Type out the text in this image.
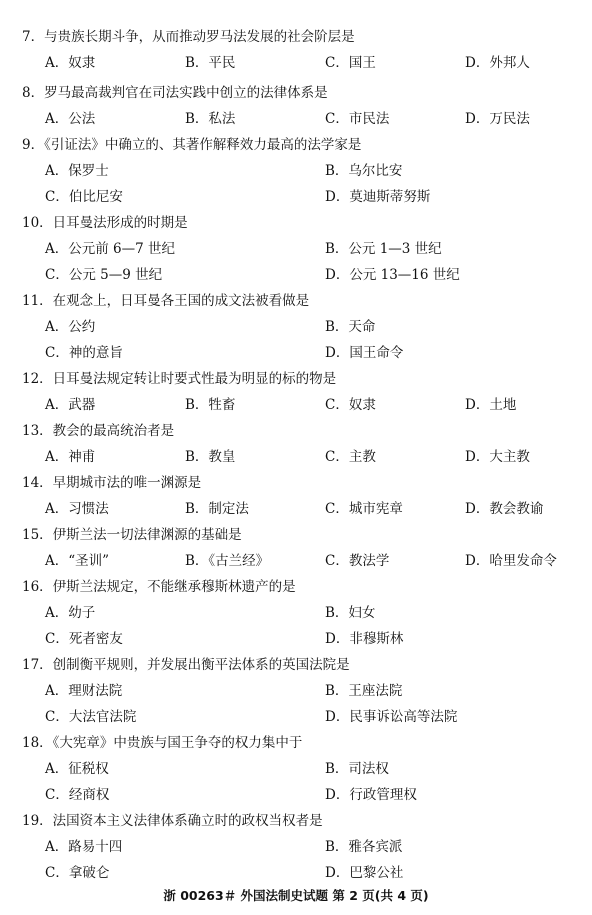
7．与贵族长期斗争，从而推动罗马法发展的社会阶层是
A．奴隶	B．平民	C．国王	D．外邦人
8．罗马最高裁判官在司法实践中创立的法律体系是
A．公法	B．私法	C．市民法	D．万民法
9．《引证法》中确立的、其著作解释效力最高的法学家是
A．保罗士	B．乌尔比安
C．伯比尼安	D．莫迪斯蒂努斯
10．日耳曼法形成的时期是
A．公元前 6—7 世纪	B．公元 1—3 世纪
C．公元 5—9 世纪	D．公元 13—16 世纪
11．在观念上，日耳曼各王国的成文法被看做是
A．公约	B．天命
C．神的意旨	D．国王命令
12．日耳曼法规定转让时要式性最为明显的标的物是
A．武器	B．牲畜	C．奴隶	D．土地
13．教会的最高统治者是
A．神甫	B．教皇	C．主教	D．大主教
14．早期城市法的唯一渊源是
A．习惯法	B．制定法	C．城市宪章	D．教会教谕
15．伊斯兰法一切法律渊源的基础是
A．“圣训”	B．《古兰经》	C．教法学	D．哈里发命令
16．伊斯兰法规定，不能继承穆斯林遗产的是
A．幼子	B．妇女
C．死者密友	D．非穆斯林
17．创制衡平规则，并发展出衡平法体系的英国法院是
A．理财法院	B．王座法院
C．大法官法院	D．民事诉讼高等法院
18．《大宪章》中贵族与国王争夺的权力集中于
A．征税权	B．司法权
C．经商权	D．行政管理权
19．法国资本主义法律体系确立时的政权当权者是
A．路易十四	B．雅各宾派
C．拿破仑	D．巴黎公社
浙 00263＃ 外国法制史试题 第 2 页(共 4 页)
